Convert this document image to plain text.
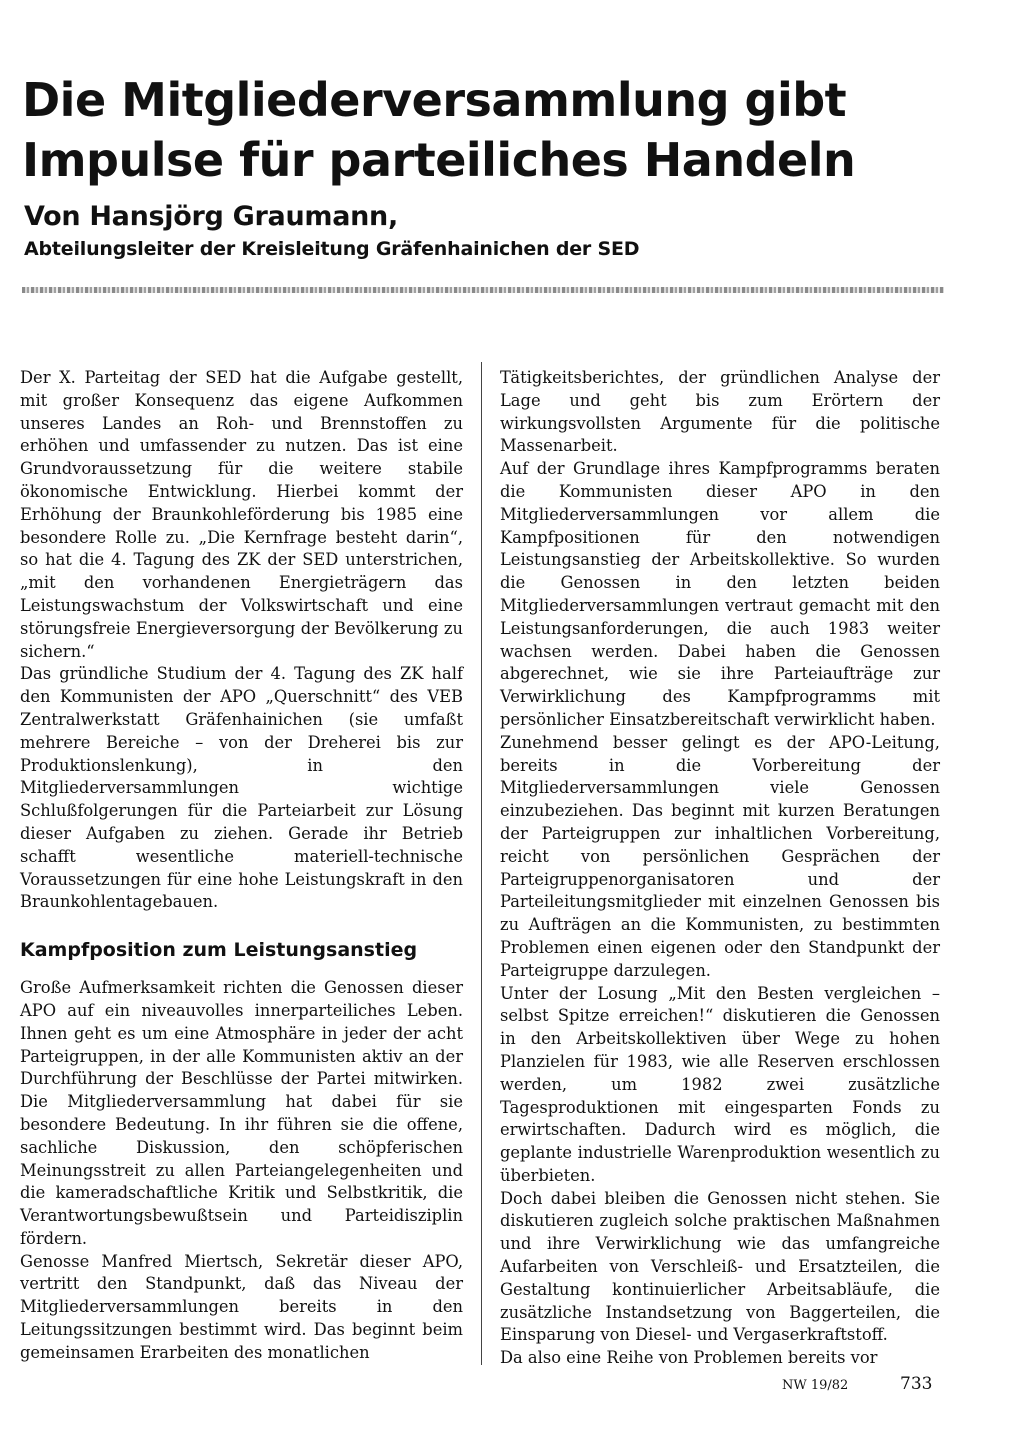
Die Mitgliederversammlung gibt Impulse für parteiliches Handeln
Von Hansjörg Graumann,
Abteilungsleiter der Kreisleitung Gräfenhainichen der SED

Der X. Parteitag der SED hat die Aufgabe gestellt, mit großer Konsequenz das eigene Aufkommen unseres Landes an Roh- und Brennstoffen zu erhöhen und umfassender zu nutzen. Das ist eine Grundvoraussetzung für die weitere stabile ökonomische Entwicklung. Hierbei kommt der Erhöhung der Braunkohleförderung bis 1985 eine besondere Rolle zu. „Die Kernfrage besteht darin“, so hat die 4. Tagung des ZK der SED unterstrichen, „mit den vorhandenen Energieträgern das Leistungswachstum der Volkswirtschaft und eine störungsfreie Energieversorgung der Bevölkerung zu sichern.“

Das gründliche Studium der 4. Tagung des ZK half den Kommunisten der APO „Querschnitt“ des VEB Zentralwerkstatt Gräfenhainichen (sie umfaßt mehrere Bereiche – von der Dreherei bis zur Produktionslenkung), in den Mitgliederversammlungen wichtige Schlußfolgerungen für die Parteiarbeit zur Lösung dieser Aufgaben zu ziehen. Gerade ihr Betrieb schafft wesentliche materiell-technische Voraussetzungen für eine hohe Leistungskraft in den Braunkohlentagebauen.

Kampfposition zum Leistungsanstieg

Große Aufmerksamkeit richten die Genossen dieser APO auf ein niveauvolles innerparteiliches Leben. Ihnen geht es um eine Atmosphäre in jeder der acht Parteigruppen, in der alle Kommunisten aktiv an der Durchführung der Beschlüsse der Partei mitwirken. Die Mitgliederversammlung hat dabei für sie besondere Bedeutung. In ihr führen sie die offene, sachliche Diskussion, den schöpferischen Meinungsstreit zu allen Parteiangelegenheiten und die kameradschaftliche Kritik und Selbstkritik, die Verantwortungsbewußtsein und Parteidisziplin fördern.

Genosse Manfred Miertsch, Sekretär dieser APO, vertritt den Standpunkt, daß das Niveau der Mitgliederversammlungen bereits in den Leitungssitzungen bestimmt wird. Das beginnt beim gemeinsamen Erarbeiten des monatlichen

Tätigkeitsberichtes, der gründlichen Analyse der Lage und geht bis zum Erörtern der wirkungsvollsten Argumente für die politische Massenarbeit.

Auf der Grundlage ihres Kampfprogramms beraten die Kommunisten dieser APO in den Mitgliederversammlungen vor allem die Kampfpositionen für den notwendigen Leistungsanstieg der Arbeitskollektive. So wurden die Genossen in den letzten beiden Mitgliederversammlungen vertraut gemacht mit den Leistungsanforderungen, die auch 1983 weiter wachsen werden. Dabei haben die Genossen abgerechnet, wie sie ihre Parteiaufträge zur Verwirklichung des Kampfprogramms mit persönlicher Einsatzbereitschaft verwirklicht haben.

Zunehmend besser gelingt es der APO-Leitung, bereits in die Vorbereitung der Mitgliederversammlungen viele Genossen einzubeziehen. Das beginnt mit kurzen Beratungen der Parteigruppen zur inhaltlichen Vorbereitung, reicht von persönlichen Gesprächen der Parteigruppenorganisatoren und der Parteileitungsmitglieder mit einzelnen Genossen bis zu Aufträgen an die Kommunisten, zu bestimmten Problemen einen eigenen oder den Standpunkt der Parteigruppe darzulegen.

Unter der Losung „Mit den Besten vergleichen – selbst Spitze erreichen!“ diskutieren die Genossen in den Arbeitskollektiven über Wege zu hohen Planzielen für 1983, wie alle Reserven erschlossen werden, um 1982 zwei zusätzliche Tagesproduktionen mit eingesparten Fonds zu erwirtschaften. Dadurch wird es möglich, die geplante industrielle Warenproduktion wesentlich zu überbieten.

Doch dabei bleiben die Genossen nicht stehen. Sie diskutieren zugleich solche praktischen Maßnahmen und ihre Verwirklichung wie das umfangreiche Aufarbeiten von Verschleiß- und Ersatzteilen, die Gestaltung kontinuierlicher Arbeitsabläufe, die zusätzliche Instandsetzung von Baggerteilen, die Einsparung von Diesel- und Vergaserkraftstoff.

Da also eine Reihe von Problemen bereits vor

NW 19/82	733
